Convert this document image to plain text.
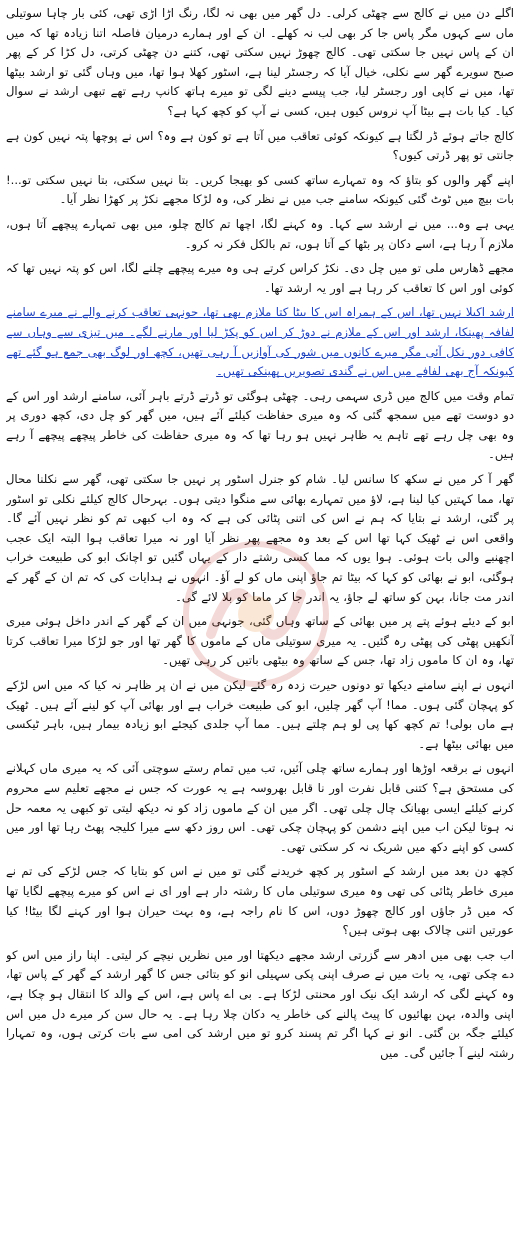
اگلے دن میں نے کالج سے چھٹی کرلی۔ دل گھر میں بھی نہ لگا، رنگ اڑا اڑی تھی، کئی بار چاہا سوتیلی ماں سے کہوں مگر پاس جا کر بھی لب نہ کھلے۔ ان کے اور ہمارے درمیان فاصلہ اتنا زیادہ تھا کہ میں ان کے پاس نہیں جا سکتی تھی۔ کالج چھوڑ نہیں سکتی تھی، کتنے دن چھٹی کرتی، دل کڑا کر کے پھر صبح سویرے گھر سے نکلی، خیال آیا کہ رجسٹر لینا ہے، اسٹور کھلا ہوا تھا، میں وہاں گئی تو ارشد بیٹھا تھا، میں نے کاپی اور رجسٹر لیا، جب پیسے دینے لگی تو میرے ہاتھ کانپ رہے تھے تبھی ارشد نے سوال کیا۔ کیا بات ہے بیٹا آپ نروس کیوں ہیں، کسی نے آپ کو کچھ کہا ہے؟

کالج جاتے ہوئے ڈر لگتا ہے کیونکہ کوئی تعاقب میں آتا ہے تو کون ہے وہ؟ اس نے پوچھا پتہ نہیں کون ہے جانتی تو پھر ڈرتی کیوں؟

اپنے گھر والوں کو بتاؤ کہ وہ تمہارے ساتھ کسی کو بھیجا کریں۔ بتا نہیں سکتی، بتا نہیں سکتی تو...! بات بیچ میں ٹوٹ گئی کیونکہ سامنے جب میں نے نظر کی، وہ لڑکا مجھے نکڑ پر کھڑا نظر آیا۔

یہی ہے وہ... میں نے ارشد سے کہا۔ وہ کہنے لگا، اچھا تم کالج چلو، میں بھی تمہارے پیچھے آتا ہوں، ملازم آ رہا ہے، اسے دکان پر بٹھا کے آتا ہوں، تم بالکل فکر نہ کرو۔

مجھے ڈھارس ملی تو میں چل دی۔ نکڑ کراس کرتے ہی وہ میرے پیچھے چلنے لگا، اس کو پتہ نہیں تھا کہ کوئی اور اس کا تعاقب کر رہا ہے اور یہ ارشد تھا۔

ارشد اکیلا نہیں تھا، اس کے ہمراہ اس کا بیٹا کتا ملازم بھی تھا، جونہی تعاقب کرنے والے نے میرے سامنے لفافہ پھینکا، ارشد اور اس کے ملازم نے دوڑ کر اس کو پکڑ لیا اور مارنے لگے۔ میں تیزی سے وہاں سے کافی دور نکل آئی مگر میرے کانوں میں شور کی آوازیں آ رہی تھیں، کچھ اور لوگ بھی جمع ہو گئے تھے کیونکہ آج بھی لفافے میں اس نے گندی تصویریں پھینکی تھیں۔

تمام وقت میں کالج میں ڈری سہمی رہی۔ چھٹی ہوگئی تو ڈرتے ڈرتے باہر آئی، سامنے ارشد اور اس کے دو دوست تھے میں سمجھ گئی کہ وہ میری حفاظت کیلئے آئے ہیں، میں گھر کو چل دی، کچھ دوری پر وہ بھی چل رہے تھے تاہم یہ ظاہر نہیں ہو رہا تھا کہ وہ میری حفاظت کی خاطر پیچھے پیچھے آ رہے ہیں۔

گھر آ کر میں نے سکھ کا سانس لیا۔ شام کو جنرل اسٹور پر نہیں جا سکتی تھی، گھر سے نکلنا محال تھا، مما کہتیں کیا لینا ہے، لاؤ میں تمہارے بھائی سے منگوا دیتی ہوں۔ بہرحال کالج کیلئے نکلی تو اسٹور پر گئی، ارشد نے بتایا کہ ہم نے اس کی اتنی پٹائی کی ہے کہ وہ اب کبھی تم کو نظر نہیں آئے گا۔ واقعی اس نے ٹھیک کہا تھا اس کے بعد وہ مجھے پھر نظر آیا اور نہ میرا تعاقب ہوا البتہ ایک عجب اچھنبے والی بات ہوئی۔ ہوا یوں کہ مما کسی رشتے دار کے یہاں گئیں تو اچانک ابو کی طبیعت خراب ہوگئی، ابو نے بھائی کو کہا کہ بیٹا تم جاؤ اپنی ماں کو لے آؤ۔ انہوں نے ہدایات کی کہ تم ان کے گھر کے اندر مت جانا، بہن کو ساتھ لے جاؤ، یہ اندر جا کر ماما کو بلا لائے گی۔

ابو کے دیئے ہوئے پتے پر میں بھائی کے ساتھ وہاں گئی، جونہی میں ان کے گھر کے اندر داخل ہوئی میری آنکھیں پھٹی کی پھٹی رہ گئیں۔ یہ میری سوتیلی ماں کے ماموں کا گھر تھا اور جو لڑکا میرا تعاقب کرتا تھا، وہ ان کا ماموں زاد تھا، جس کے ساتھ وہ بیٹھی باتیں کر رہی تھیں۔

انہوں نے اپنے سامنے دیکھا تو دونوں حیرت زدہ رہ گئے لیکن میں نے ان پر ظاہر نہ کیا کہ میں اس لڑکے کو پہچان گئی ہوں۔ مما! آپ گھر چلیں، ابو کی طبیعت خراب ہے اور بھائی آپ کو لینے آئے ہیں۔ ٹھیک ہے ماں بولی! تم کچھ کھا پی لو ہم چلتے ہیں۔ مما آپ جلدی کیجئے ابو زیادہ بیمار ہیں، باہر ٹیکسی میں بھائی بیٹھا ہے۔

انہوں نے برقعہ اوڑھا اور ہمارے ساتھ چلی آئیں، تب میں تمام رستے سوچتی آئی کہ یہ میری ماں کہلانے کی مستحق ہے؟ کتنی قابل نفرت اور نا قابل بھروسہ ہے یہ عورت کہ جس نے مجھے تعلیم سے محروم کرنے کیلئے ایسی بھیانک چال چلی تھی۔ اگر میں ان کے ماموں زاد کو نہ دیکھ لیتی تو کبھی یہ معمہ حل نہ ہوتا لیکن اب میں اپنے دشمن کو پہچان چکی تھی۔ اس روز دکھ سے میرا کلیجہ پھٹ رہا تھا اور میں کسی کو اپنے دکھ میں شریک نہ کر سکتی تھی۔

کچھ دن بعد میں ارشد کے اسٹور پر کچھ خریدنے گئی تو میں نے اس کو بتایا کہ جس لڑکے کی تم نے میری خاطر پٹائی کی تھی وہ میری سوتیلی ماں کا رشتہ دار ہے اور ای نے اس کو میرے پیچھے لگایا تھا کہ میں ڈر جاؤں اور کالج چھوڑ دوں، اس کا نام راجہ ہے، وہ بہت حیران ہوا اور کہنے لگا بیٹا! کیا عورتیں اتنی چالاک بھی ہوتی ہیں؟

اب جب بھی میں ادھر سے گزرتی ارشد مجھے دیکھتا اور میں نظریں نیچے کر لیتی۔ اپنا راز میں اس کو دے چکی تھی، یہ بات میں نے صرف اپنی پکی سہیلی انو کو بتائی جس کا گھر ارشد کے گھر کے پاس تھا، وہ کہنے لگی کہ ارشد ایک نیک اور محنتی لڑکا ہے۔ بی اے پاس ہے، اس کے والد کا انتقال ہو چکا ہے، اپنی والدہ، بہن بھائیوں کا پیٹ پالنے کی خاطر یہ دکان چلا رہا ہے۔ یہ حال سن کر میرے دل میں اس کیلئے جگہ بن گئی۔ انو نے کہا اگر تم پسند کرو تو میں ارشد کی امی سے بات کرتی ہوں، وہ تمہارا رشتہ لینے آ جائیں گی۔ میں
